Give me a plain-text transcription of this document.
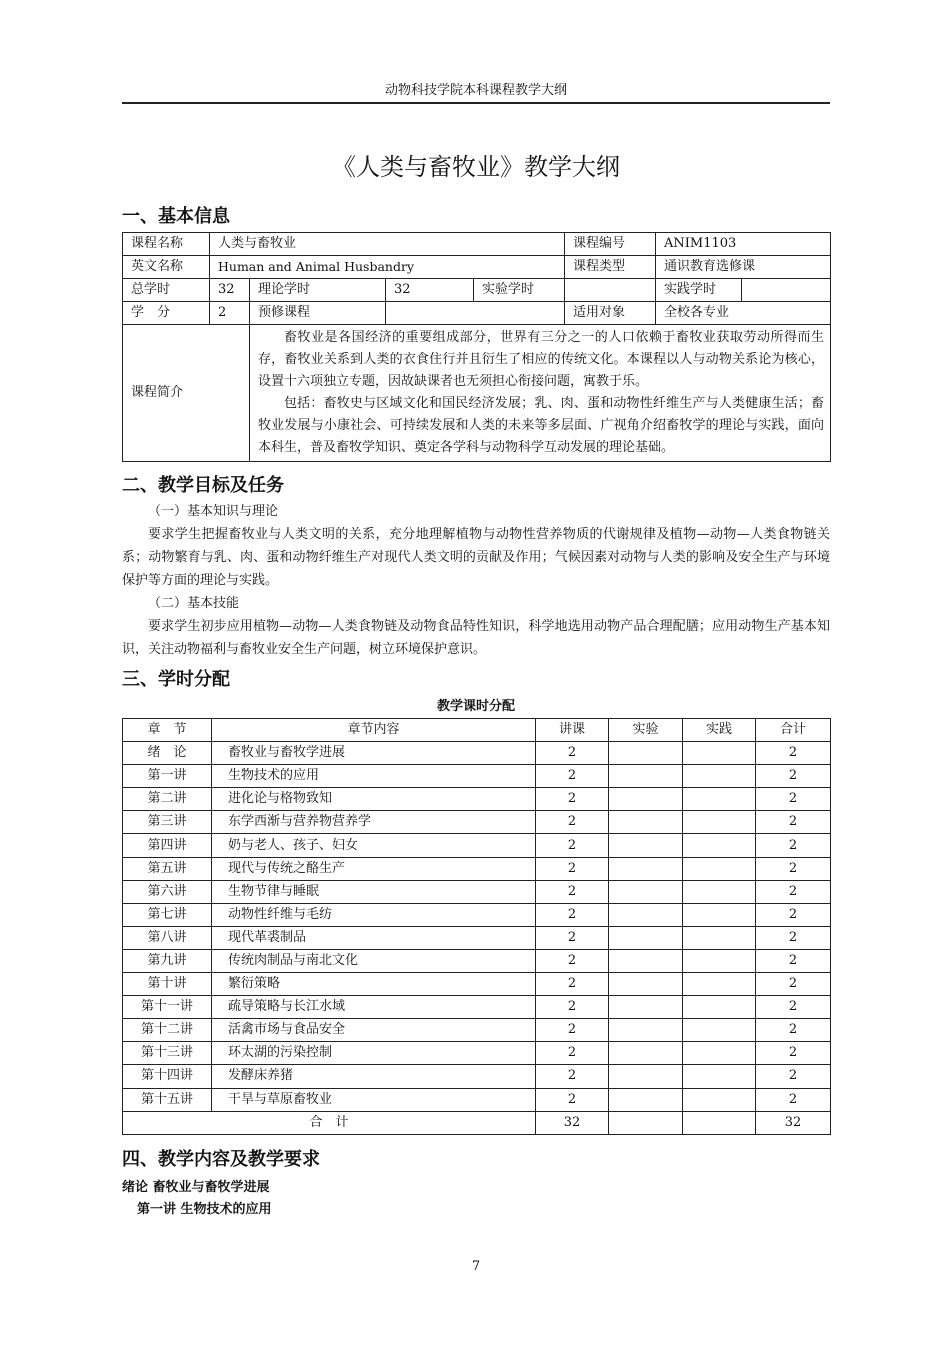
动物科技学院本科课程教学大纲
《人类与畜牧业》教学大纲
一、基本信息
课程名称	人类与畜牧业				课程编号	ANIM1103	
英文名称	Human and Animal Husbandry				课程类型	通识教育选修课	
总学时	32	理论学时	32	实验学时		实践学时	
学　分	2	预修课程			适用对象	全校各专业	
课程简介		畜牧业是各国经济的重要组成部分，世界有三分之一的人口依赖于畜牧业获取劳动所得而生存，畜牧业关系到人类的衣食住行并且衍生了相应的传统文化。本课程以人与动物关系论为核心，设置十六项独立专题，因故缺课者也无须担心衔接问题，寓教于乐。

包括：畜牧史与区域文化和国民经济发展；乳、肉、蛋和动物性纤维生产与人类健康生活；畜牧业发展与小康社会、可持续发展和人类的未来等多层面、广视角介绍畜牧学的理论与实践，面向本科生，普及畜牧学知识、奠定各学科与动物科学互动发展的理论基础。					

二、教学目标及任务

（一）基本知识与理论

要求学生把握畜牧业与人类文明的关系，充分地理解植物与动物性营养物质的代谢规律及植物—动物—人类食物链关系；动物繁育与乳、肉、蛋和动物纤维生产对现代人类文明的贡献及作用；气候因素对动物与人类的影响及安全生产与环境保护等方面的理论与实践。

（二）基本技能

要求学生初步应用植物—动物—人类食物链及动物食品特性知识，科学地选用动物产品合理配膳；应用动物生产基本知识，关注动物福利与畜牧业安全生产问题，树立环境保护意识。

三、学时分配
教学课时分配
章　节	章节内容	讲课	实验	实践	合计
绪　论	畜牧业与畜牧学进展	2			2
第一讲	生物技术的应用	2			2
第二讲	进化论与格物致知	2			2
第三讲	东学西渐与营养物营养学	2			2
第四讲	奶与老人、孩子、妇女	2			2
第五讲	现代与传统之酪生产	2			2
第六讲	生物节律与睡眠	2			2
第七讲	动物性纤维与毛纺	2			2
第八讲	现代革裘制品	2			2
第九讲	传统肉制品与南北文化	2			2
第十讲	繁衍策略	2			2
第十一讲	疏导策略与长江水域	2			2
第十二讲	活禽市场与食品安全	2			2
第十三讲	环太湖的污染控制	2			2
第十四讲	发酵床养猪	2			2
第十五讲	干旱与草原畜牧业	2			2
合　计		32			32
四、教学内容及教学要求
绪论 畜牧业与畜牧学进展
第一讲 生物技术的应用
7
